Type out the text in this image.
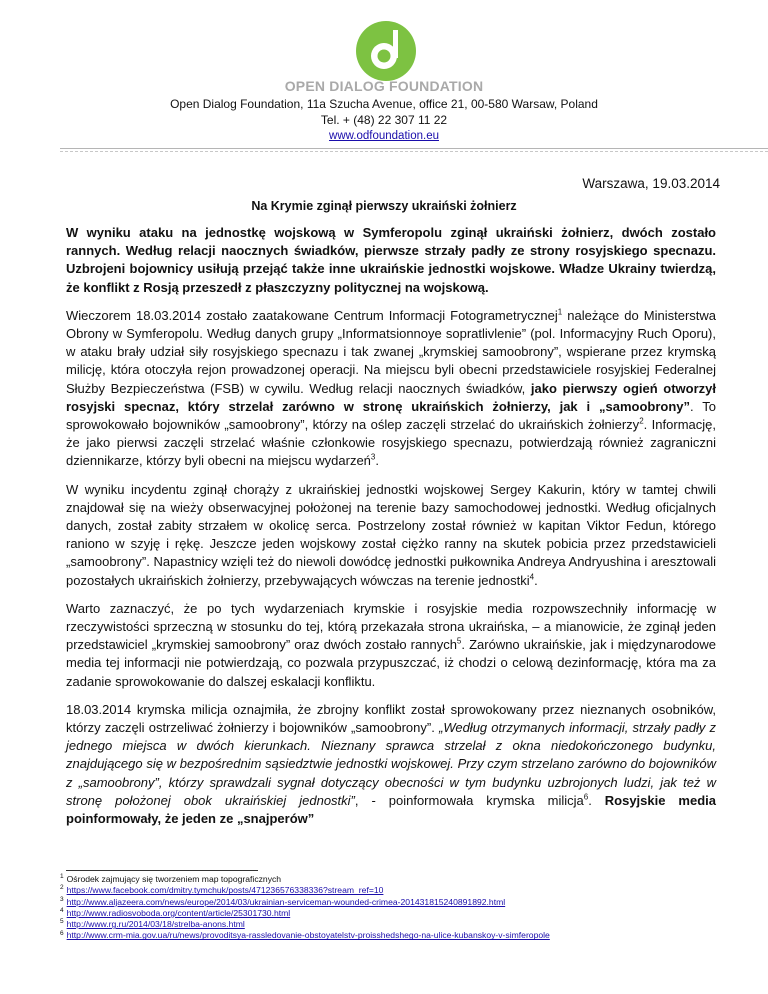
OPEN DIALOG FOUNDATION
Open Dialog Foundation, 11a Szucha Avenue, office 21, 00-580 Warsaw, Poland
Tel. + (48) 22 307 11 22
www.odfoundation.eu
Warszawa, 19.03.2014
Na Krymie zginął pierwszy ukraiński żołnierz

W wyniku ataku na jednostkę wojskową w Symferopolu zginął ukraiński żołnierz, dwóch zostało rannych. Według relacji naocznych świadków, pierwsze strzały padły ze strony rosyjskiego specnazu. Uzbrojeni bojownicy usiłują przejąć także inne ukraińskie jednostki wojskowe. Władze Ukrainy twierdzą, że konflikt z Rosją przeszedł z płaszczyzny politycznej na wojskową.

Wieczorem 18.03.2014 zostało zaatakowane Centrum Informacji Fotogrametrycznej$^1$ należące do Ministerstwa Obrony w Symferopolu. Według danych grupy „Informatsionnoye sopratlivlenie” (pol. Informacyjny Ruch Oporu), w ataku brały udział siły rosyjskiego specnazu i tak zwanej „krymskiej samoobrony”, wspierane przez krymską milicję, która otoczyła rejon prowadzonej operacji. Na miejscu byli obecni przedstawiciele rosyjskiej Federalnej Służby Bezpieczeństwa (FSB) w cywilu. Według relacji naocznych świadków, jako pierwszy ogień otworzył rosyjski specnaz, który strzelał zarówno w stronę ukraińskich żołnierzy, jak i „samoobrony”. To sprowokowało bojowników „samoobrony”, którzy na oślep zaczęli strzelać do ukraińskich żołnierzy$^2$. Informację, że jako pierwsi zaczęli strzelać właśnie członkowie rosyjskiego specnazu, potwierdzają również zagraniczni dziennikarze, którzy byli obecni na miejscu wydarzeń$^3$.

W wyniku incydentu zginął chorąży z ukraińskiej jednostki wojskowej Sergey Kakurin, który w tamtej chwili znajdował się na wieży obserwacyjnej położonej na terenie bazy samochodowej jednostki. Według oficjalnych danych, został zabity strzałem w okolicę serca. Postrzelony został również w kapitan Viktor Fedun, którego raniono w szyję i rękę. Jeszcze jeden wojskowy został ciężko ranny na skutek pobicia przez przedstawicieli „samoobrony”. Napastnicy wzięli też do niewoli dowódcę jednostki pułkownika Andreya Andryushina i aresztowali pozostałych ukraińskich żołnierzy, przebywających wówczas na terenie jednostki$^4$.

Warto zaznaczyć, że po tych wydarzeniach krymskie i rosyjskie media rozpowszechniły informację w rzeczywistości sprzeczną w stosunku do tej, którą przekazała strona ukraińska, – a mianowicie, że zginął jeden przedstawiciel „krymskiej samoobrony” oraz dwóch zostało rannych$^5$. Zarówno ukraińskie, jak i międzynarodowe media tej informacji nie potwierdzają, co pozwala przypuszczać, iż chodzi o celową dezinformację, która ma za zadanie sprowokowanie do dalszej eskalacji konfliktu.

18.03.2014 krymska milicja oznajmiła, że zbrojny konflikt został sprowokowany przez nieznanych osobników, którzy zaczęli ostrzeliwać żołnierzy i bojowników „samoobrony”. „Według otrzymanych informacji, strzały padły z jednego miejsca w dwóch kierunkach. Nieznany sprawca strzelał z okna niedokończonego budynku, znajdującego się w bezpośrednim sąsiedztwie jednostki wojskowej. Przy czym strzelano zarówno do bojowników z „samoobrony”, którzy sprawdzali sygnał dotyczący obecności w tym budynku uzbrojonych ludzi, jak też w stronę położonej obok ukraińskiej jednostki”, - poinformowała krymska milicja$^6$. Rosyjskie media poinformowały, że jeden ze „snajperów”

$^1$ Ośrodek zajmujący się tworzeniem map topograficznych
$^2$ https://www.facebook.com/dmitry.tymchuk/posts/471236576338336?stream_ref=10
$^3$ http://www.aljazeera.com/news/europe/2014/03/ukrainian-serviceman-wounded-crimea-201431815240891892.html
$^4$ http://www.radiosvoboda.org/content/article/25301730.html
$^5$ http://www.rg.ru/2014/03/18/strelba-anons.html
$^6$ http://www.crm-mia.gov.ua/ru/news/provoditsya-rassledovanie-obstoyatelstv-proisshedshego-na-ulice-kubanskoy-v-simferopole
